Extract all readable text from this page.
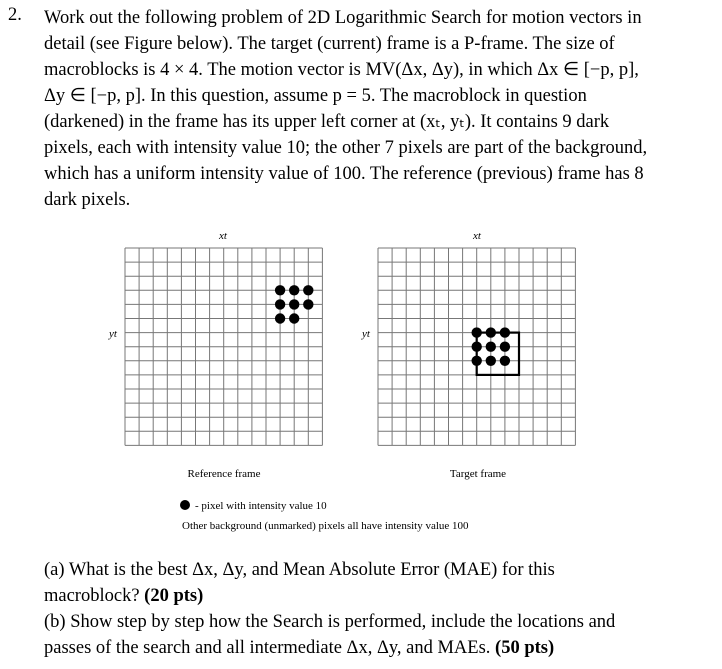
2. Work out the following problem of 2D Logarithmic Search for motion vectors in
detail (see Figure below). The target (current) frame is a P-frame. The size of
macroblocks is 4 × 4. The motion vector is MV(Δx, Δy), in which Δx ∈ [−p, p],
Δy ∈ [−p, p]. In this question, assume p = 5. The macroblock in question
(darkened) in the frame has its upper left corner at (xₜ, yₜ). It contains 9 dark
pixels, each with intensity value 10; the other 7 pixels are part of the background,
which has a uniform intensity value of 100. The reference (previous) frame has 8
dark pixels.
xt
yt
xt
yt
Reference frame	Target frame
- pixel with intensity value 10
Other background (unmarked) pixels all have intensity value 100
(a) What is the best Δx, Δy, and Mean Absolute Error (MAE) for this
macroblock? (20 pts)
(b) Show step by step how the Search is performed, include the locations and
passes of the search and all intermediate Δx, Δy, and MAEs. (50 pts)
